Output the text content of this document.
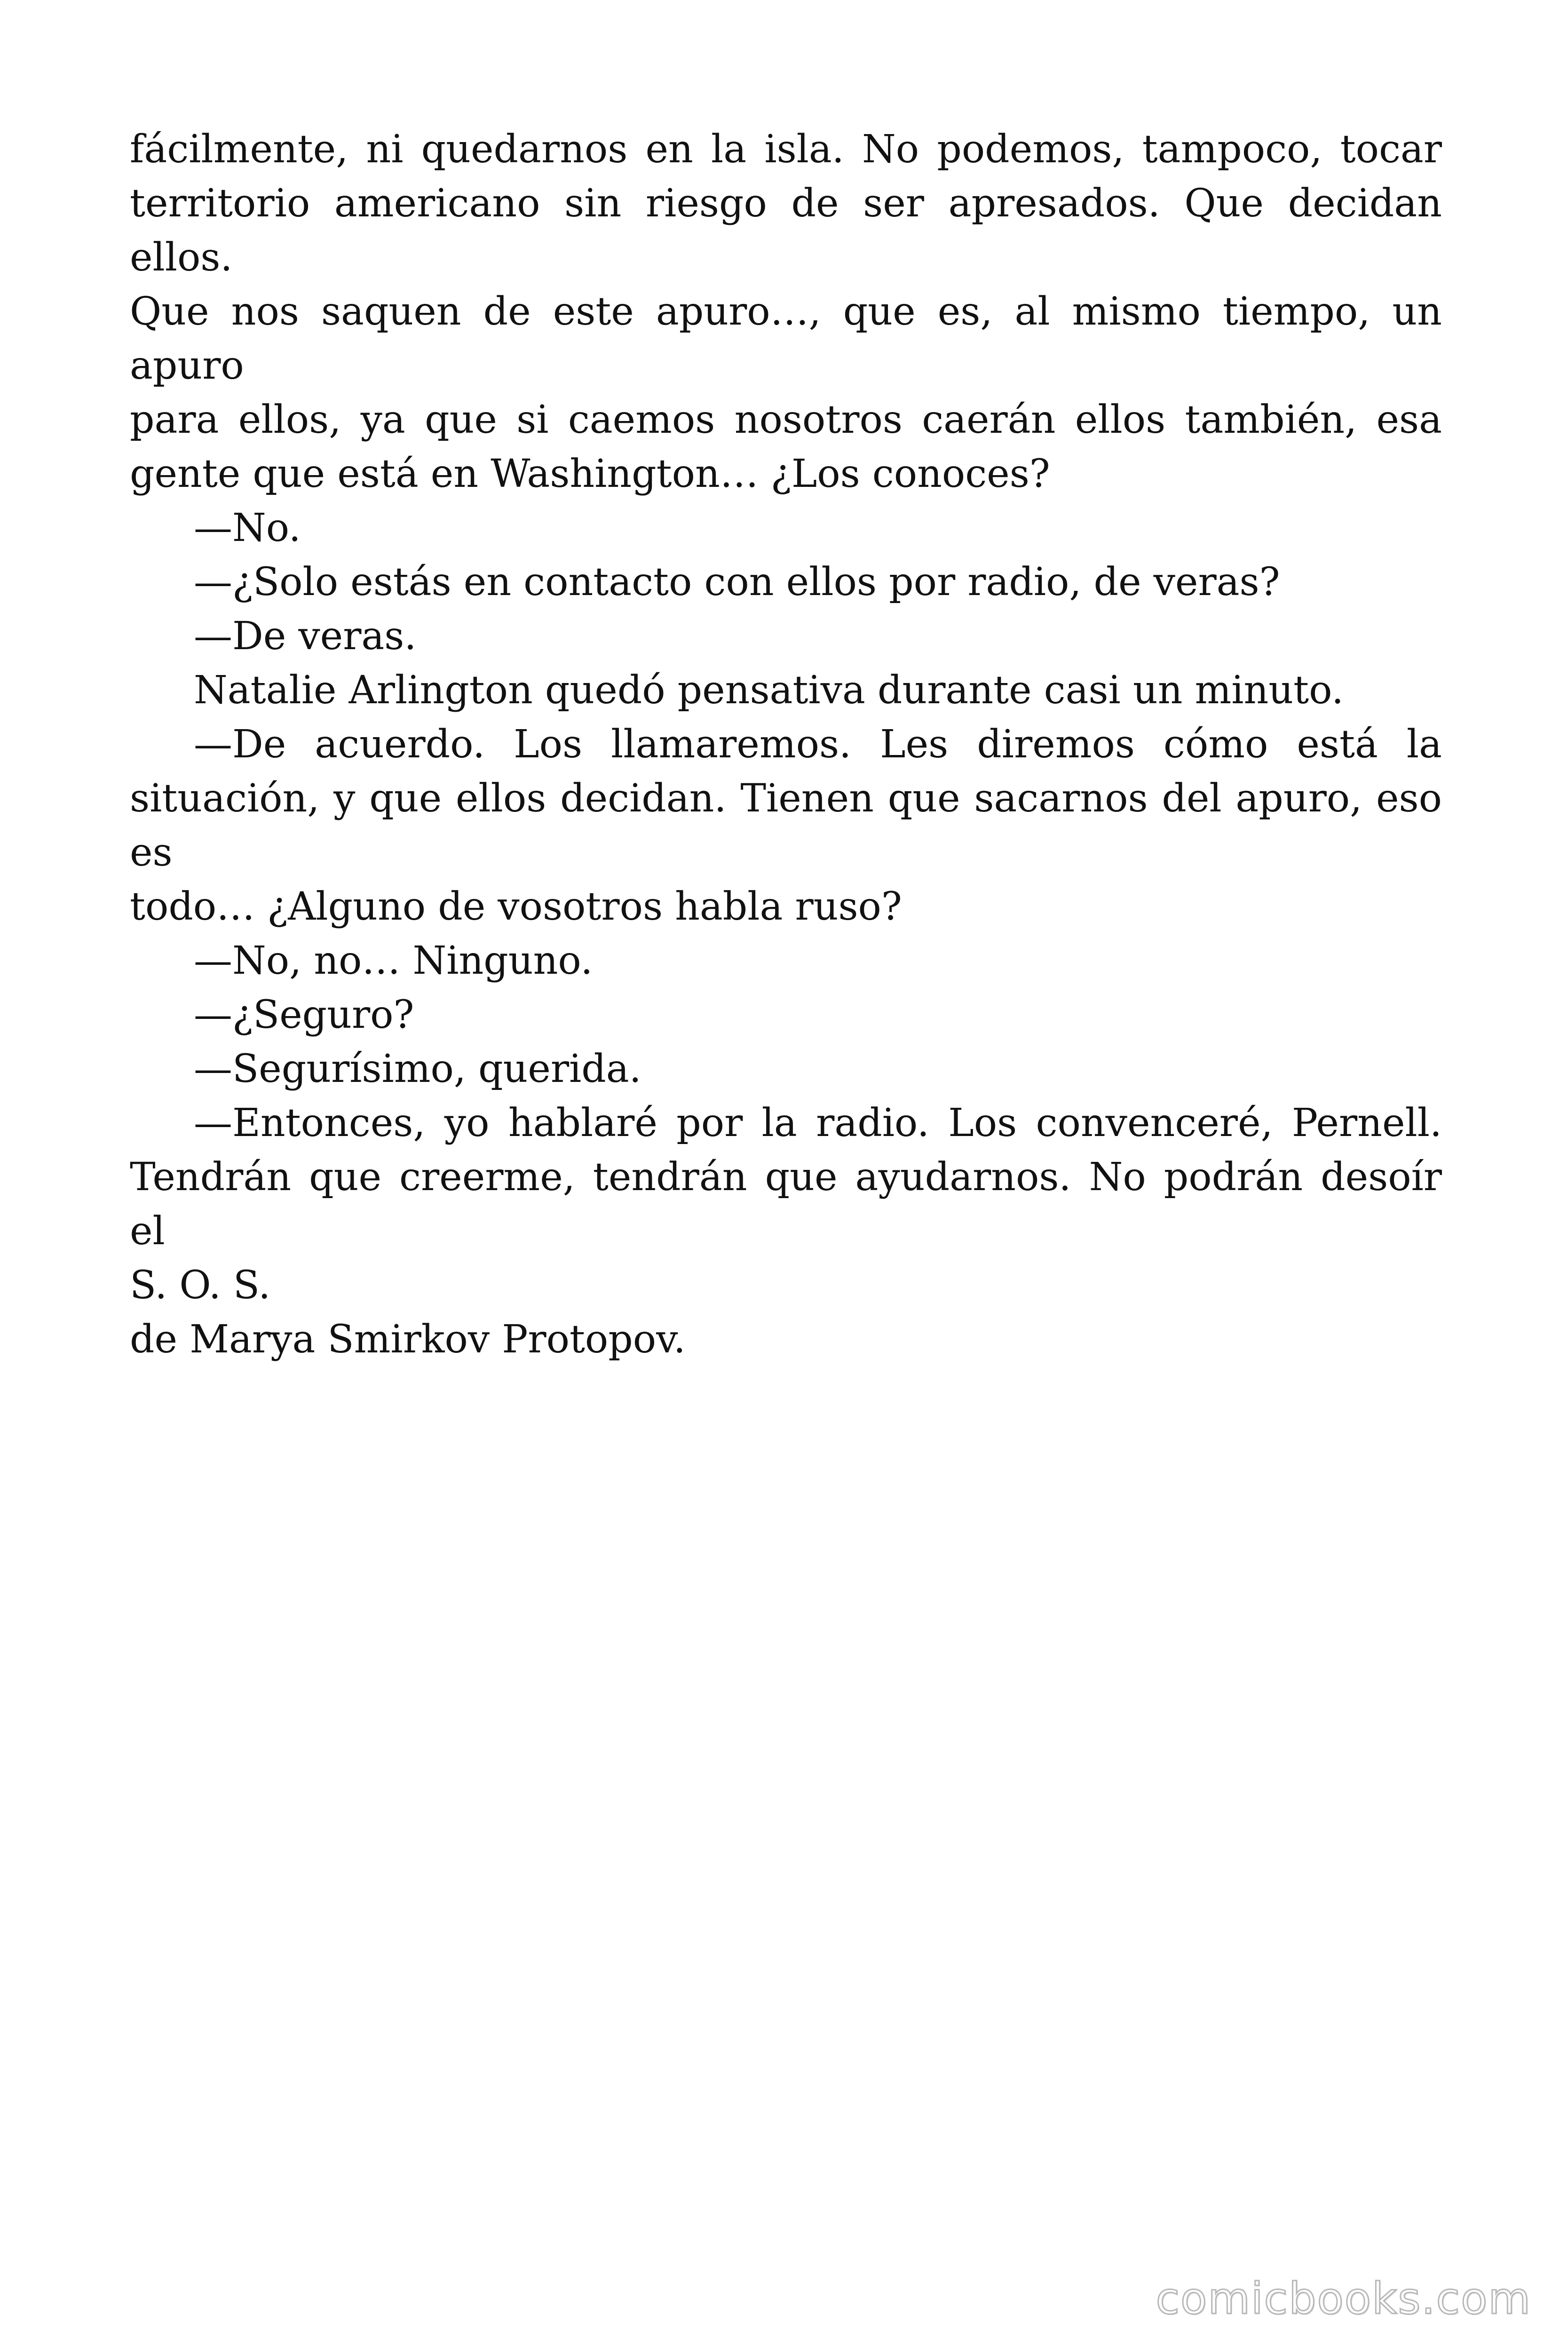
fácilmente, ni quedarnos en la isla. No podemos, tampoco, tocar
territorio americano sin riesgo de ser apresados. Que decidan ellos.
Que nos saquen de este apuro…, que es, al mismo tiempo, un apuro
para ellos, ya que si caemos nosotros caerán ellos también, esa
gente que está en Washington… ¿Los conoces?
—No.
—¿Solo estás en contacto con ellos por radio, de veras?
—De veras.
Natalie Arlington quedó pensativa durante casi un minuto.
—De acuerdo. Los llamaremos. Les diremos cómo está la
situación, y que ellos decidan. Tienen que sacarnos del apuro, eso es
todo… ¿Alguno de vosotros habla ruso?
—No, no… Ninguno.
—¿Seguro?
—Segurísimo, querida.
—Entonces, yo hablaré por la radio. Los convenceré, Pernell.
Tendrán que creerme, tendrán que ayudarnos. No podrán desoír el
S. O. S.
de Marya Smirkov Protopov.
comicbooks.com
